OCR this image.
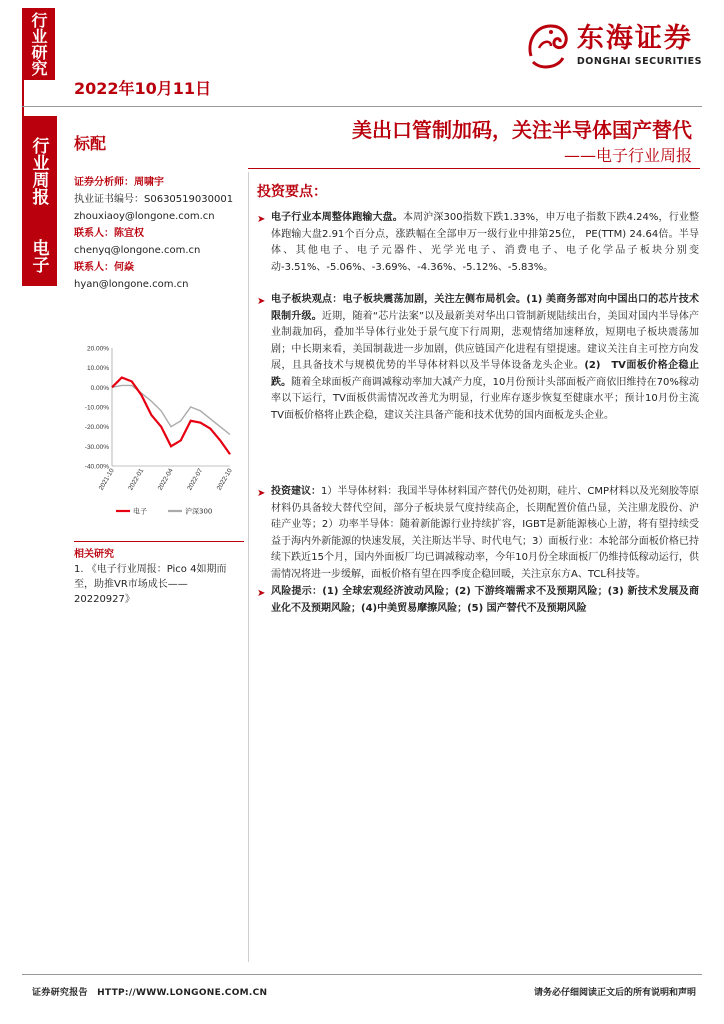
行业研究
行业周报
电子
2022年10月11日
东海证券
DONGHAI SECURITIES
标配
美出口管制加码，关注半导体国产替代
——电子行业周报
证券分析师：周啸宇
执业证书编号：S0630519030001
zhouxiaoy@longone.com.cn
联系人：陈宜权
chenyq@longone.com.cn
联系人：何焱
hyan@longone.com.cn
20.00%
10.00%
0.00%
-10.00%
-20.00%
-30.00%
-40.00%
2021-10 2022-01 2022-04 2022-07 2022-10
电子	沪深300
相关研究
1. 《电子行业周报：Pico 4如期而至，助推VR市场成长——20220927》
投资要点：
➤ 电子行业本周整体跑输大盘。本周沪深300指数下跌1.33%，申万电子指数下跌4.24%，行业整体跑输大盘2.91个百分点，涨跌幅在全部申万一级行业中排第25位， PE(TTM) 24.64倍。半导体、其他电子、电子元器件、光学光电子、消费电子、电子化学品子板块分别变动-3.51%、-5.06%、-3.69%、-4.36%、-5.12%、-5.83%。
➤ 电子板块观点：电子板块震荡加剧，关注左侧布局机会。(1) 美商务部对向中国出口的芯片技术限制升级。近期，随着“芯片法案”以及最新美对华出口管制新规陆续出台，美国对国内半导体产业制裁加码，叠加半导体行业处于景气度下行周期，悲观情绪加速释放，短期电子板块震荡加剧；中长期来看，美国制裁进一步加剧，供应链国产化进程有望提速。建议关注自主可控方向发展，且具备技术与规模优势的半导体材料以及半导体设备龙头企业。(2)　TV面板价格企稳止跌。随着全球面板产商调减稼动率加大减产力度，10月份预计头部面板产商依旧维持在70%稼动率以下运行，TV面板供需情况改善尤为明显，行业库存逐步恢复至健康水平；预计10月份主流TV面板价格将止跌企稳，建议关注具备产能和技术优势的国内面板龙头企业。
➤ 投资建议：1）半导体材料：我国半导体材料国产替代仍处初期，硅片、CMP材料以及光刻胶等原材料仍具备较大替代空间，部分子板块景气度持续高企，长期配置价值凸显，关注鼎龙股份、沪硅产业等；2）功率半导体：随着新能源行业持续扩容，IGBT是新能源核心上游，将有望持续受益于海内外新能源的快速发展，关注斯达半导、时代电气；3）面板行业：本轮部分面板价格已持续下跌近15个月，国内外面板厂均已调减稼动率，今年10月份全球面板厂仍维持低稼动运行，供需情况将进一步缓解，面板价格有望在四季度企稳回暖，关注京东方A、TCL科技等。
➤ 风险提示：(1) 全球宏观经济波动风险；(2) 下游终端需求不及预期风险；(3) 新技术发展及商业化不及预期风险；(4)中美贸易摩擦风险；(5) 国产替代不及预期风险
证券研究报告　HTTP://WWW.LONGONE.COM.CN	请务必仔细阅读正文后的所有说明和声明
